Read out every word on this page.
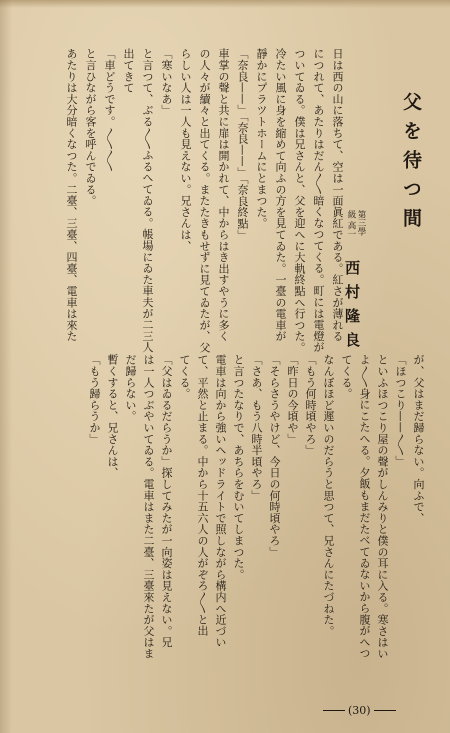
父を待つ間
第三學級 高一
西村隆良
日は西の山に落ちて、空は一面眞紅である。紅さが薄れる
につれて、あたりはだん〳〵暗くなつてくる。町には電燈が
ついてゐる。僕は兄さんと、父を迎へに大軌終點へ行つた。
冷たい風に身を縮めて向ふの方を見てゐた。一臺の電車が
靜かにプラツトホームにとまつた。
「奈良——」「奈良——」「奈良終點」
車掌の聲と共に扉は開かれて、中からはき出すやうに多く
の人々が續々と出てくる。またたきもせずに見てゐたが、父
らしい人は一人も見えない。兄さんは、
「寒いなあ」
と言つて、ぶる〳〵ふるへてゐる。帳場にゐた車夫が二三人
出てきて
「車どうです。〳〵〳〵
と言ひながら客を呼んでゐる。
あたりは大分暗くなつた。二臺、三臺、四臺、電車は來た
が、父はまだ歸らない。向ふで、
「ほつこり——〳〵」
といふほつこり屋の聲がしんみりと僕の耳に入る。寒さはい
よ〳〵身にこたへる。夕飯もまだたべてゐないから腹がへつ
てくる。
なんぼほど遲いのだらうと思つて、兄さんにたづねた。
「もう何時頃やろ」
「昨日の今頃や」
「そらさうやけど、今日の何時頃やろ」
「さあ、もう八時半頃やろ」
と言つたなりで、あちらをむいてしまつた。
電車は向から強いヘッドライトで照しながら構内へ近づい
て、平然と止まる。中から十五六人の人がぞろ〳〵と出
てくる。
「父はゐるだらうか」探してみたが一向姿は見えない。兄
は一人つぶやいてゐる。電車はまた二臺、三臺來たが父はま
だ歸らない。
暫くすると、兄さんは、
「もう歸らうか」
( 30 )
